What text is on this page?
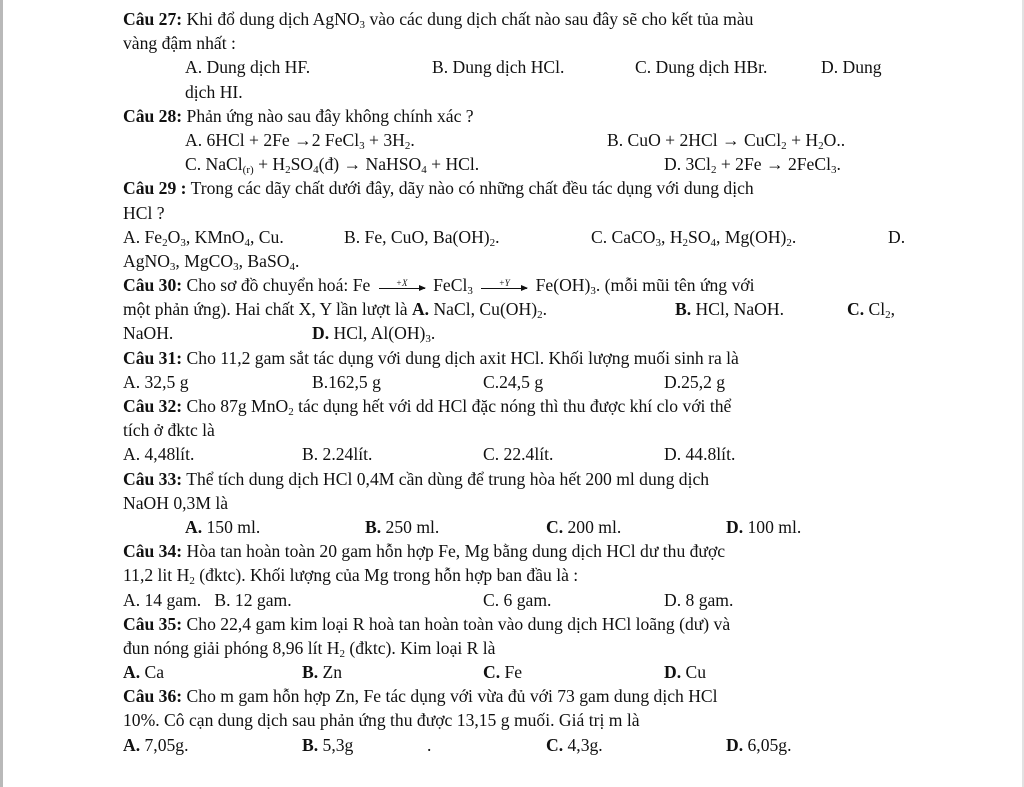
Câu 27: Khi đổ dung dịch AgNO$_3$ vào các dung dịch chất nào sau đây sẽ cho kết tủa màu
vàng đậm nhất :
A. Dung dịch HF.	B. Dung dịch HCl.	C. Dung dịch HBr.	D. Dung
dịch HI.
Câu 28: Phản ứng nào sau đây không chính xác ?
A. 6HCl + 2Fe →2 FeCl$_3$ + $3H_2$.	B. CuO + 2HCl → CuCl$_2$ + $H_2O$..
C. NaCl$_{(r)}$ + $H_2SO_4(đ)$ → NaHSO$_4$ + HCl.	D. $3Cl_2 + 2Fe$ → 2FeCl$_3$.
Câu 29 : Trong các dãy chất dưới đây, dãy nào có những chất đều tác dụng với dung dịch
HCl ?
A. $Fe_2O_3$, KMnO$_4$, Cu.	B. Fe, CuO, $Ba(OH)_2$.	C. CaCO$_3$, $H_2SO_4$, $Mg(OH)_2$.	D.
AgNO$_3$, MgCO$_3$, BaSO$_4$.
Câu 30: Cho sơ đồ chuyển hoá: Fe	+X FeCl$_3$
+Y $Fe(OH)_3$. (mỗi mũi tên ứng với
một phản ứng). Hai chất X, Y lần lượt là A. NaCl, $Cu(OH)_2$.	B. HCl, NaOH.	C. $Cl_2$,
NaOH.	D. HCl, $Al(OH)_3$.
Câu 31: Cho 11,2 gam sắt tác dụng với dung dịch axit HCl. Khối lượng muối sinh ra là
A. 32,5 g	B.162,5 g	C.24,5 g	D.25,2 g
Câu 32: Cho 87g MnO$_2$ tác dụng hết với dd HCl đặc nóng thì thu được khí clo với thể
tích ở đktc là
A. 4,48lít.	B. 2.24lít.	C. 22.4lít.	D. 44.8lít.
Câu 33: Thể tích dung dịch HCl 0,4M cần dùng để trung hòa hết 200 ml dung dịch
NaOH 0,3M là
A. 150 ml.	B. 250 ml.	C. 200 ml.	D. 100 ml.
Câu 34: Hòa tan hoàn toàn 20 gam hỗn hợp Fe, Mg bằng dung dịch HCl dư thu được
11,2 lit $H_2$ (đktc). Khối lượng của Mg trong hỗn hợp ban đầu là :
A. 14 gam.   B. 12 gam.	C. 6 gam.	D. 8 gam.
Câu 35: Cho 22,4 gam kim loại R hoà tan hoàn toàn vào dung dịch HCl loãng (dư) và
đun nóng giải phóng 8,96 lít $H_2$ (đktc). Kim loại R là
A. Ca	B. Zn	C. Fe	D. Cu
Câu 36: Cho m gam hỗn hợp Zn, Fe tác dụng với vừa đủ với 73 gam dung dịch HCl
10%. Cô cạn dung dịch sau phản ứng thu được 13,15 g muối. Giá trị m là
A. 7,05g.	B. 5,3g	.	C. 4,3g.	D. 6,05g.
